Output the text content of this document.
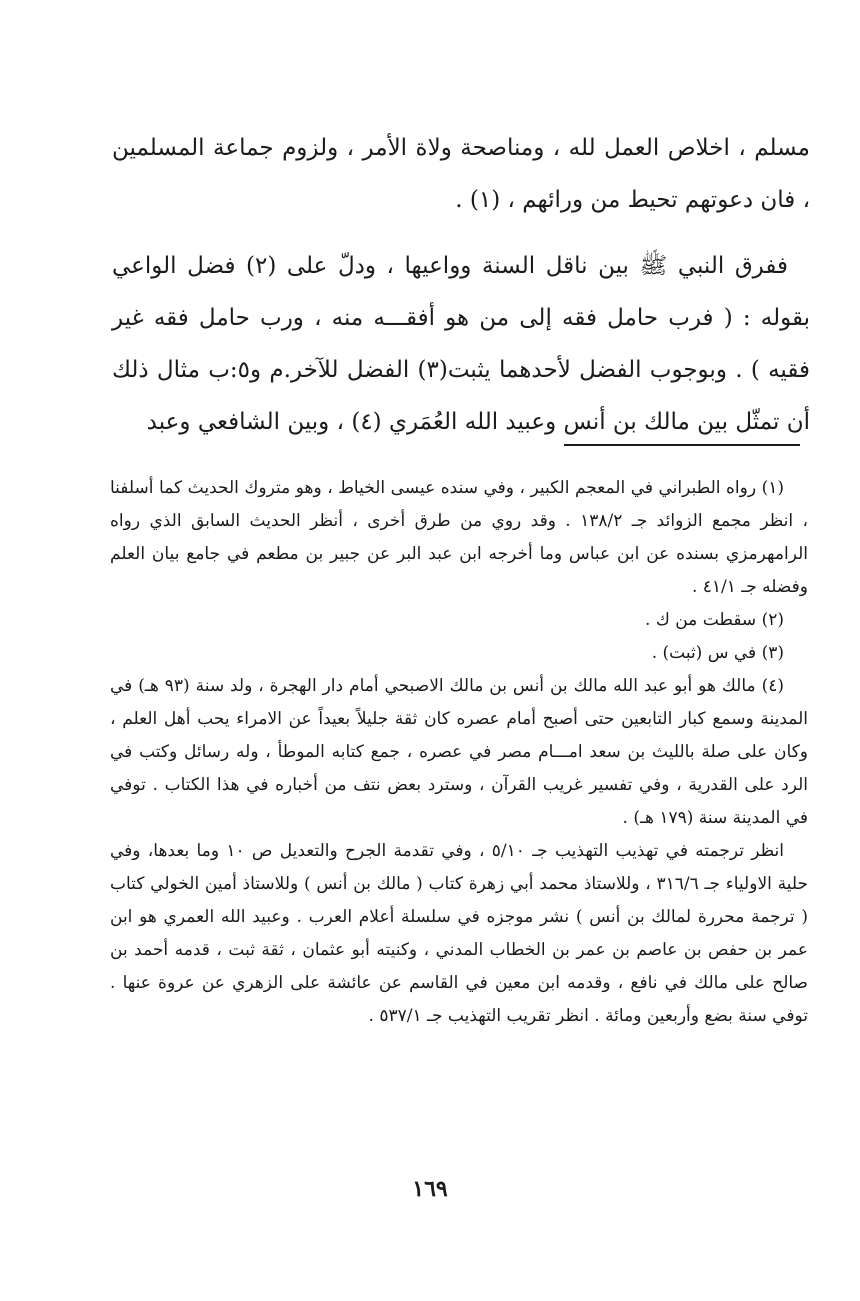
مسلم ، اخلاص العمل لله ، ومناصحة ولاة الأمر ، ولزوم جماعة المسلمين ، فان دعوتهم تحيط من ورائهم ، (١) .

ففرق النبي ﷺ بين ناقل السنة وواعيها ، ودلّ على (٢) فضل الواعي بقوله : ( فرب حامل فقه إلى من هو أفقـــه منه ، ورب حامل فقه غير فقيه ) . وبوجوب الفضل لأحدهما يثبت(٣) الفضل للآخر.م و٥:ب مثال ذلك أن تمثّل بين مالك بن أنس وعبيد الله العُمَري (٤) ، وبين الشافعي وعبد

(١) رواه الطبراني في المعجم الكبير ، وفي سنده عيسى الخياط ، وهو متروك الحديث كما أسلفنا ، انظر مجمع الزوائد جـ ١٣٨/٢ . وقد روي من طرق أخرى ، أنظر الحديث السابق الذي رواه الرامهرمزي بسنده عن ابن عباس وما أخرجه ابن عبد البر عن جبير بن مطعم في جامع بيان العلم وفضله جـ ٤١/١ .

(٢) سقطت من ك .

(٣) في س (ثبت) .

(٤) مالك هو أبو عبد الله مالك بن أنس بن مالك الاصبحي أمام دار الهجرة ، ولد سنة (٩٣ هـ) في المدينة وسمع كبار التابعين حتى أصبح أمام عصره كان ثقة جليلاً بعيداً عن الامراء يحب أهل العلم ، وكان على صلة بالليث بن سعد امـــام مصر في عصره ، جمع كتابه الموطأ ، وله رسائل وكتب في الرد على القدرية ، وفي تفسير غريب القرآن ، وسترد بعض نتف من أخباره في هذا الكتاب . توفي في المدينة سنة (١٧٩ هـ) .

انظر ترجمته في تهذيب التهذيب جـ ٥/١٠ ، وفي تقدمة الجرح والتعديل ص ١٠ وما بعدها، وفي حلية الاولياء جـ ٣١٦/٦ ، وللاستاذ محمد أبي زهرة كتاب ( مالك بن أنس ) وللاستاذ أمين الخولي كتاب ( ترجمة محررة لمالك بن أنس ) نشر موجزه في سلسلة أعلام العرب . وعبيد الله العمري هو ابن عمر بن حفص بن عاصم بن عمر بن الخطاب المدني ، وكنيته أبو عثمان ، ثقة ثبت ، قدمه أحمد بن صالح على مالك في نافع ، وقدمه ابن معين في القاسم عن عائشة على الزهري عن عروة عنها . توفي سنة بضع وأربعين ومائة . انظر تقريب التهذيب جـ ٥٣٧/١ .

١٦٩
